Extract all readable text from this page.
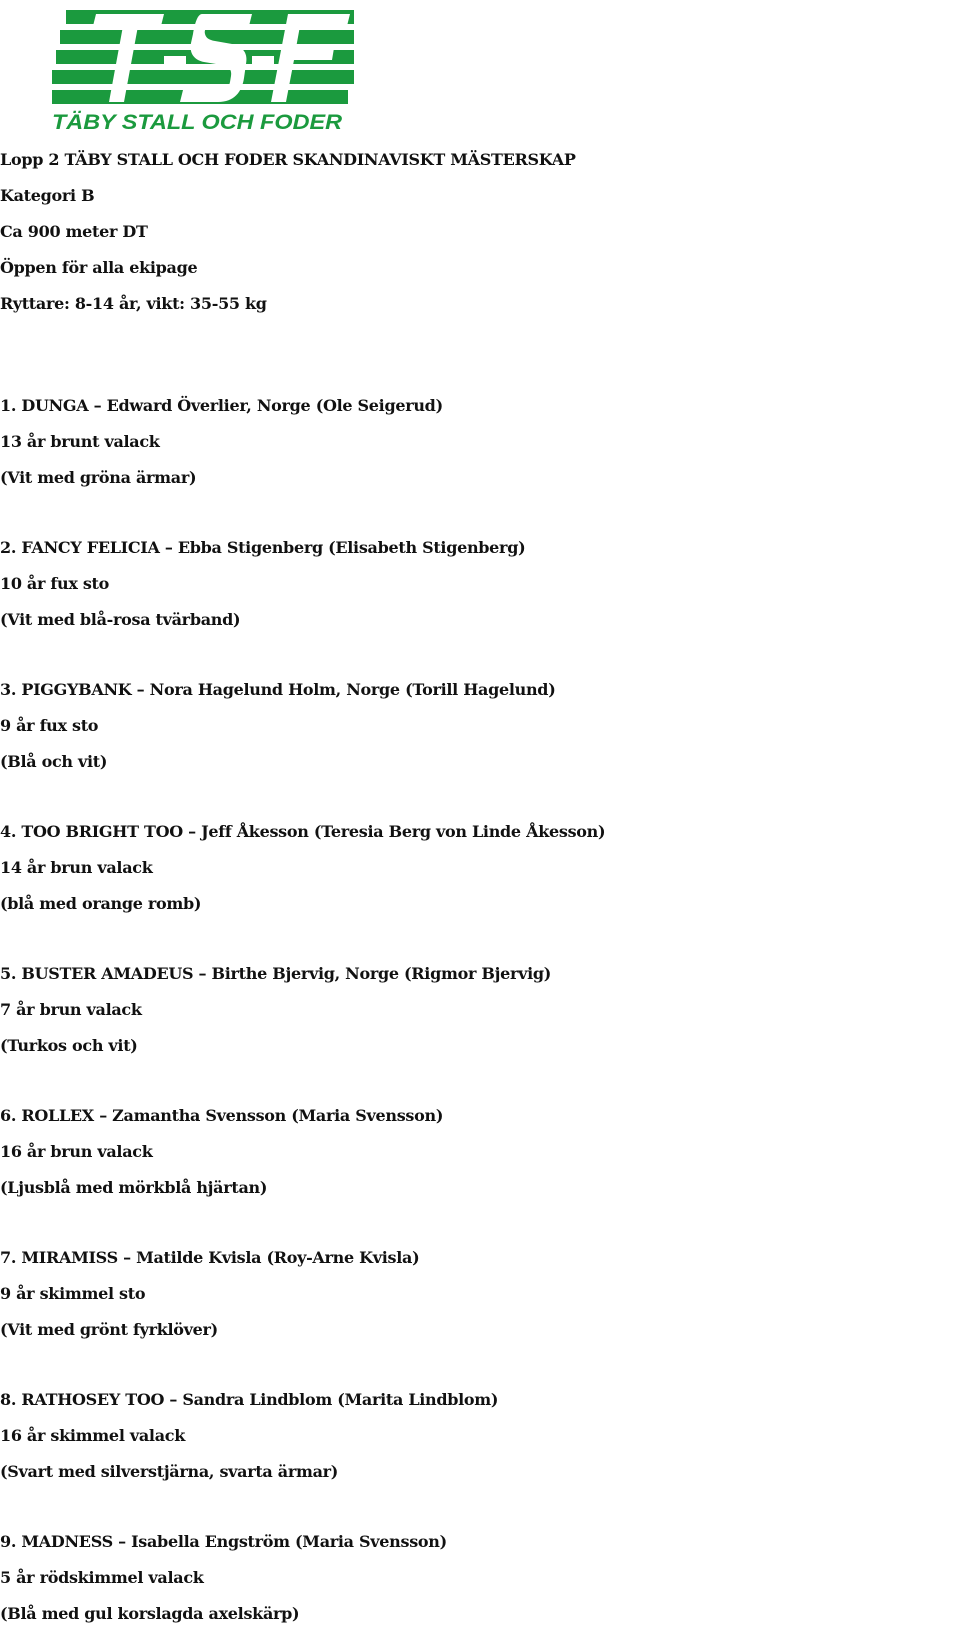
TÄBY STALL OCH FODER

Lopp 2 TÄBY STALL OCH FODER SKANDINAVISKT MÄSTERSKAP

Kategori B

Ca 900 meter DT

Öppen för alla ekipage

Ryttare: 8-14 år, vikt: 35-55 kg

1. DUNGA – Edward Överlier, Norge (Ole Seigerud)

13 år brunt valack

(Vit med gröna ärmar)

2. FANCY FELICIA – Ebba Stigenberg (Elisabeth Stigenberg)

10 år fux sto

(Vit med blå-rosa tvärband)

3. PIGGYBANK – Nora Hagelund Holm, Norge (Torill Hagelund)

9 år fux sto

(Blå och vit)

4. TOO BRIGHT TOO – Jeff Åkesson (Teresia Berg von Linde Åkesson)

14 år brun valack

(blå med orange romb)

5. BUSTER AMADEUS – Birthe Bjervig, Norge (Rigmor Bjervig)

7 år brun valack

(Turkos och vit)

6. ROLLEX – Zamantha Svensson (Maria Svensson)

16 år brun valack

(Ljusblå med mörkblå hjärtan)

7. MIRAMISS – Matilde Kvisla (Roy-Arne Kvisla)

9 år skimmel sto

(Vit med grönt fyrklöver)

8. RATHOSEY TOO – Sandra Lindblom (Marita Lindblom)

16 år skimmel valack

(Svart med silverstjärna, svarta ärmar)

9. MADNESS – Isabella Engström (Maria Svensson)

5 år rödskimmel valack

(Blå med gul korslagda axelskärp)
